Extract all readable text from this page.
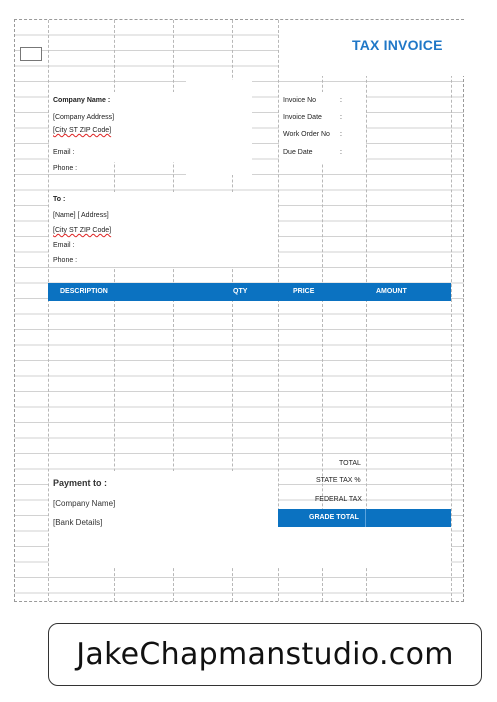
TAX INVOICE
Company Name :
[Company Address]
[City ST ZIP Code]
Email :
Phone :
Invoice No	:
Invoice Date	:
Work Order No :
Due Date	:
To :
[Name] [ Address]
[City ST ZIP Code]
Email :
Phone :
DESCRIPTION	QTY	PRICE	AMOUNT
TOTAL
STATE TAX %
FEDERAL TAX
GRADE TOTAL
Payment to :
[Company Name]
[Bank Details]
JakeChapmanstudio.com
